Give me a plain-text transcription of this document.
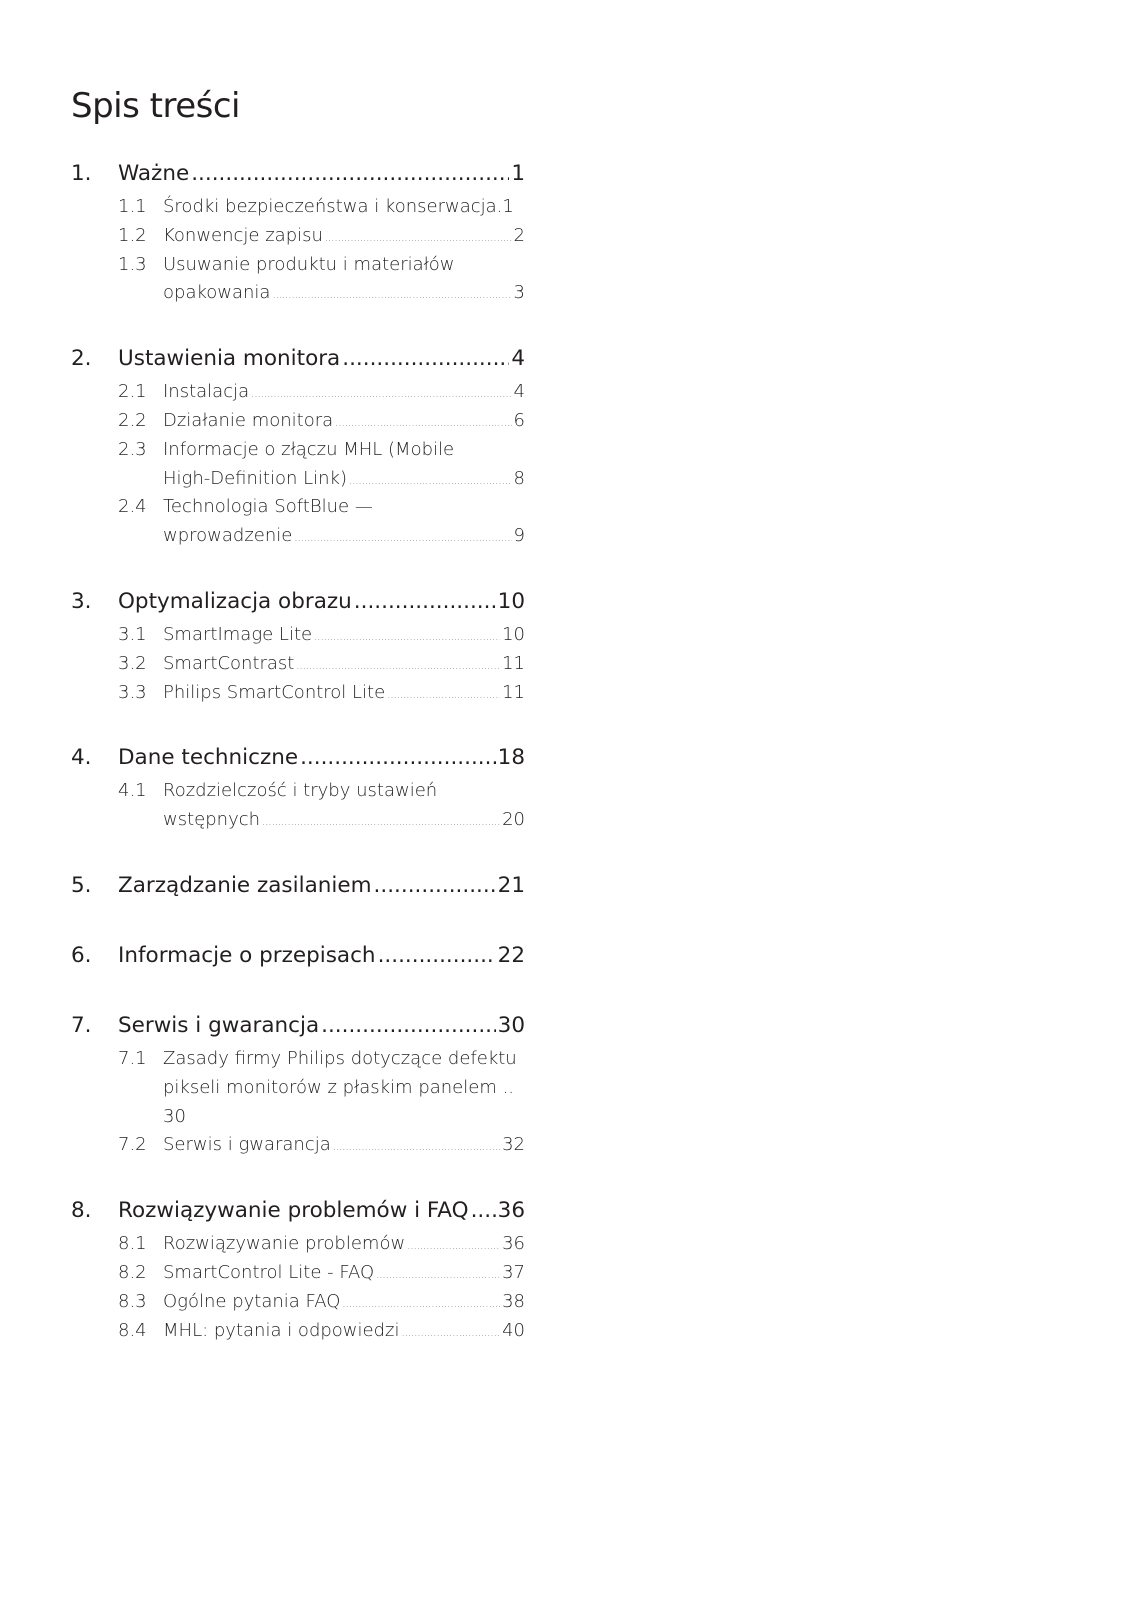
Spis treści
1.	Ważne .....	1
1.1 Środki bezpieczeństwa i konserwacja. 1
1.2 Konwencje zapisu .....	2
1.3 Usuwanie produktu i materiałów
opakowania .....	3
2.	Ustawienia monitora .....	4
2.1 Instalacja .....	4
2.2 Działanie monitora .....	6
2.3 Informacje o złączu MHL (Mobile
High-Definition Link) .....	8
2.4 Technologia SoftBlue —
wprowadzenie .....	9
3.	Optymalizacja obrazu .....	10
3.1 SmartImage Lite .....	10
3.2 SmartContrast .....	11
3.3 Philips SmartControl Lite .....	11
4.	Dane techniczne .....	18
4.1 Rozdzielczość i tryby ustawień
wstępnych .....	20
5.	Zarządzanie zasilaniem .....	21
6.	Informacje o przepisach .....	22
7.	Serwis i gwarancja .....	30
7.1 Zasady firmy Philips dotyczące defektu
pikseli monitorów z płaskim panelem ..
30
7.2 Serwis i gwarancja .....	32
8.	Rozwiązywanie problemów i FAQ ..... 36
8.1 Rozwiązywanie problemów .....	36
8.2 SmartControl Lite - FAQ .....	37
8.3 Ogólne pytania FAQ .....	38
8.4 MHL: pytania i odpowiedzi .....	40
